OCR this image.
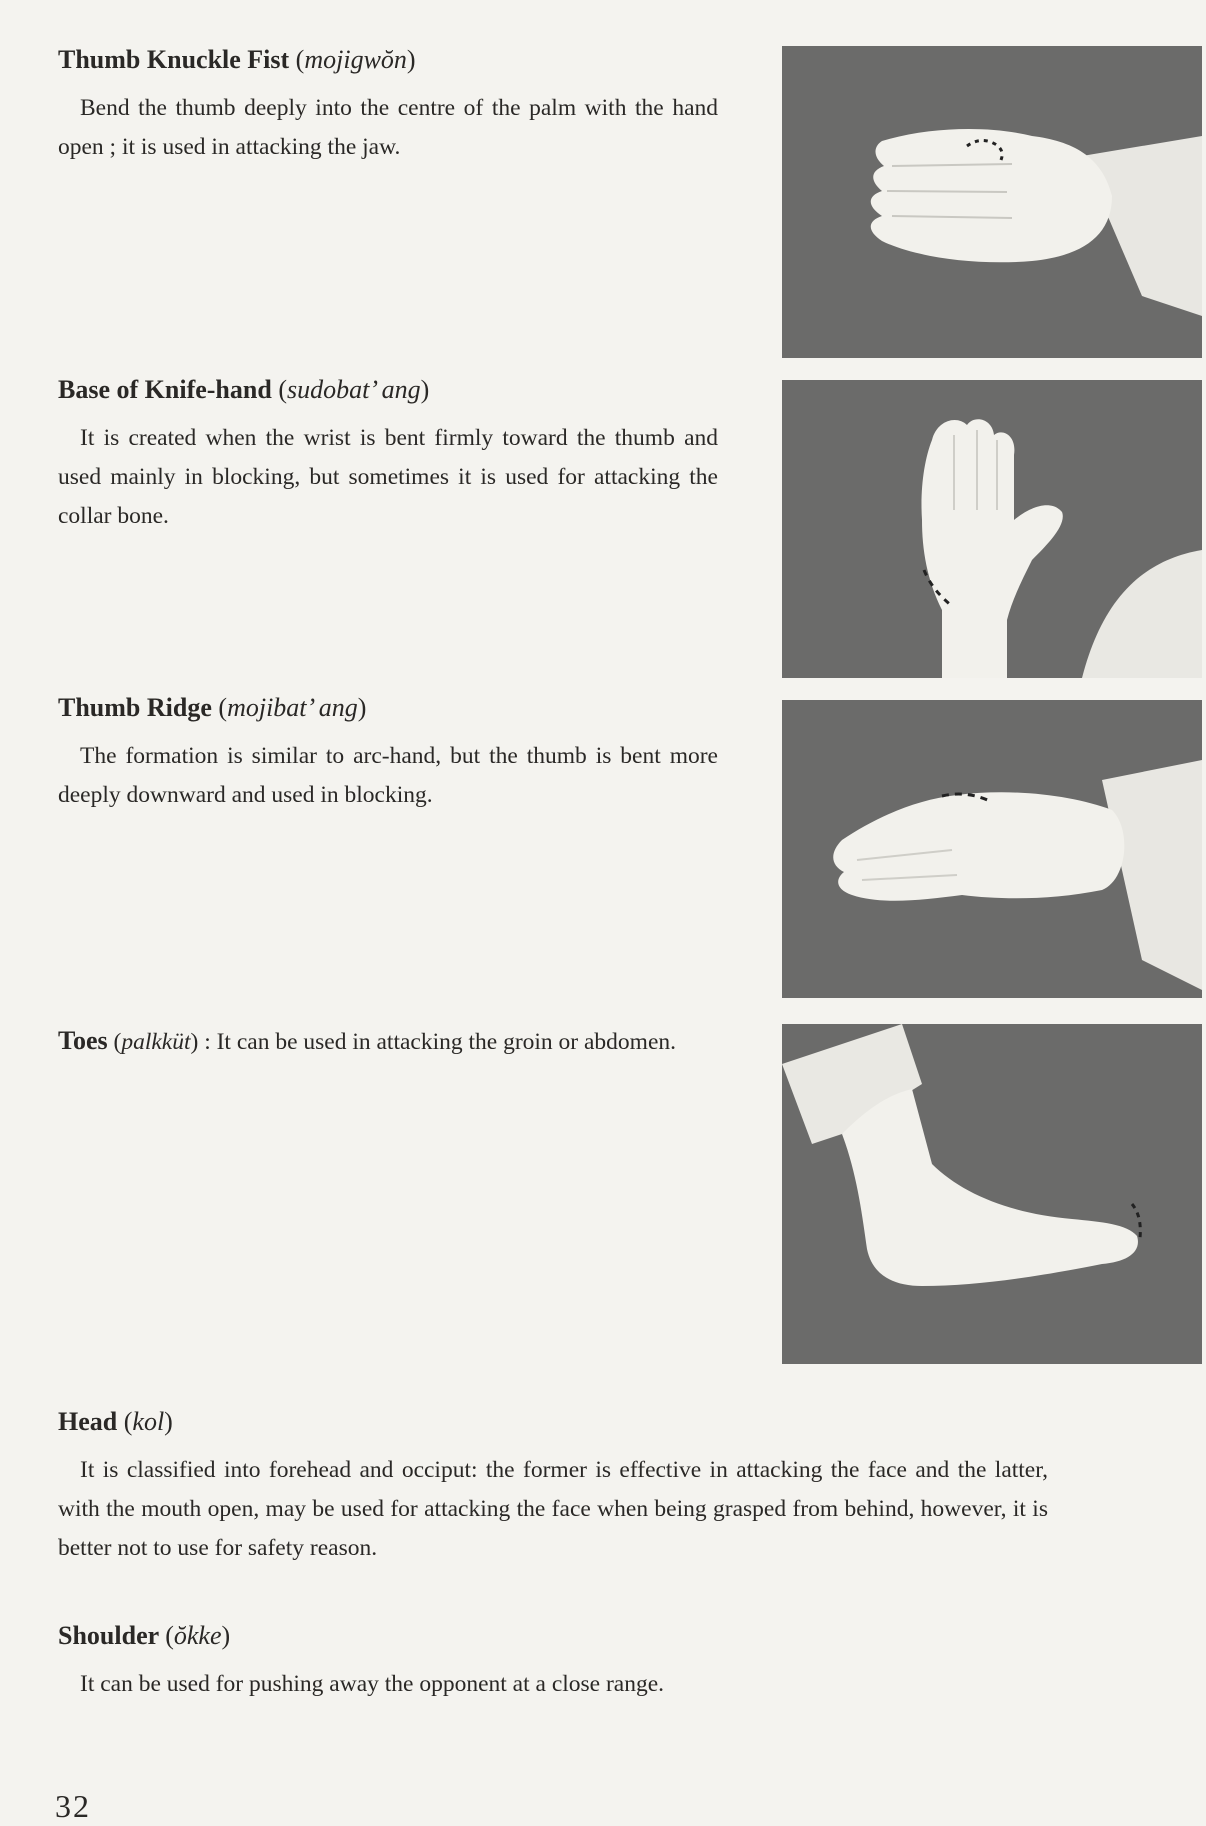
Thumb Knuckle Fist (mojigwŏn)

Bend the thumb deeply into the centre of the palm with the hand open ; it is used in attacking the jaw.

Base of Knife-hand (sudobat’ ang)

It is created when the wrist is bent firmly toward the thumb and used mainly in blocking, but sometimes it is used for attacking the collar bone.

Thumb Ridge (mojibat’ ang)

The formation is similar to arc-hand, but the thumb is bent more deeply downward and used in blocking.

Toes (palkküt) : It can be used in attacking the groin or abdomen.

Head (kol)

It is classified into forehead and occiput: the former is effective in attacking the face and the latter, with the mouth open, may be used for attacking the face when being grasped from behind, however, it is better not to use for safety reason.

Shoulder (ŏkke)

It can be used for pushing away the opponent at a close range.

32
